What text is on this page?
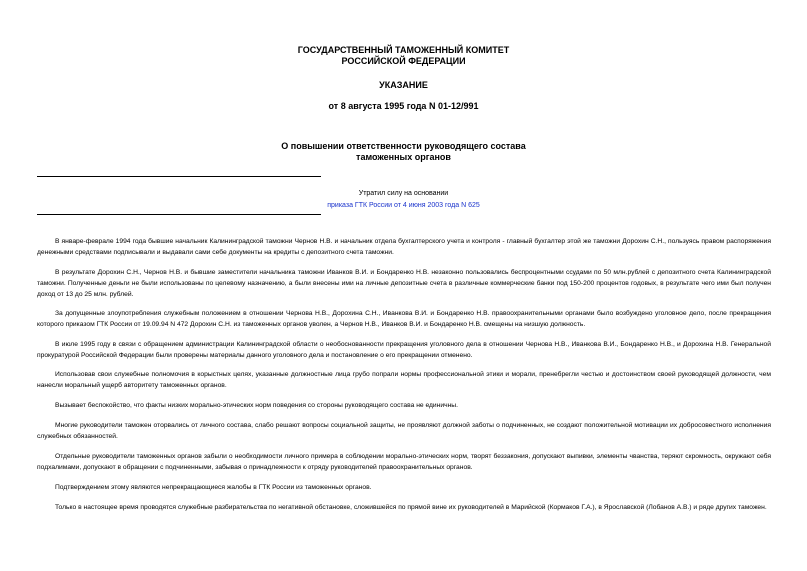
ГОСУДАРСТВЕННЫЙ ТАМОЖЕННЫЙ КОМИТЕТ

РОССИЙСКОЙ ФЕДЕРАЦИИ

УКАЗАНИЕ

от 8 августа 1995 года N 01-12/991

О повышении ответственности руководящего состава

таможенных органов

Утратил силу на основании

приказа ГТК России от 4 июня 2003 года N 625

В январе-феврале 1994 года бывшие начальник Калининградской таможни Чернов Н.В. и начальник отдела бухгалтерского учета и контроля - главный бухгалтер этой же таможни Дорохин С.Н., пользуясь правом распоряжения денежными средствами подписывали и выдавали сами себе документы на кредиты с депозитного счета таможни.

В результате Дорохин С.Н., Чернов Н.В. и бывшие заместители начальника таможни Иванков В.И. и Бондаренко Н.В. незаконно пользовались беспроцентными ссудами по 50 млн.рублей с депозитного счета Калининградской таможни. Полученные деньги не были использованы по целевому назначению, а были внесены ими на личные депозитные счета в различные коммерческие банки под 150-200 процентов годовых, в результате чего ими был получен доход от 13 до 25 млн. рублей.

За допущенные злоупотребления служебным положением в отношении Чернова Н.В., Дорохина С.Н., Иванкова В.И. и Бондаренко Н.В. правоохранительными органами было возбуждено уголовное дело, после прекращения которого приказом ГТК России от 19.09.94 N 472 Дорохин С.Н. из таможенных органов уволен, а Чернов Н.В., Иванков В.И. и Бондаренко Н.В. смещены на низшую должность.

В июле 1995 году в связи с обращением администрации Калининградской области о необоснованности прекращения уголовного дела в отношении Чернова Н.В., Иванкова В.И., Бондаренко Н.В., и Дорохина Н.В. Генеральной прокуратурой Российской Федерации были проверены материалы данного уголовного дела и постановление о его прекращении отменено.

Использовав свои служебные полномочия в корыстных целях, указанные должностные лица грубо попрали нормы профессиональной этики и морали, пренебрегли честью и достоинством своей руководящей должности, чем нанесли моральный ущерб авторитету таможенных органов.

Вызывает беспокойство, что факты низких морально-этических норм поведения со стороны руководящего состава не единичны.

Многие руководители таможен оторвались от личного состава, слабо решают вопросы социальной защиты, не проявляют должной заботы о подчиненных, не создают положительной мотивации их добросовестного исполнения служебных обязанностей.

Отдельные руководители таможенных органов забыли о необходимости личного примера в соблюдении морально-этических норм, творят беззакония, допускают выпивки, элементы чванства, теряют скромность, окружают себя подхалимами, допускают в обращении с подчиненными, забывая о принадлежности к отряду руководителей правоохранительных органов.

Подтверждением этому являются непрекращающиеся жалобы в ГТК России из таможенных органов.

Только в настоящее время проводятся служебные разбирательства по негативной обстановке, сложившейся по прямой вине их руководителей в Марийской (Кормаков Г.А.), в Ярославской (Лобанов А.В.) и ряде других таможен.
